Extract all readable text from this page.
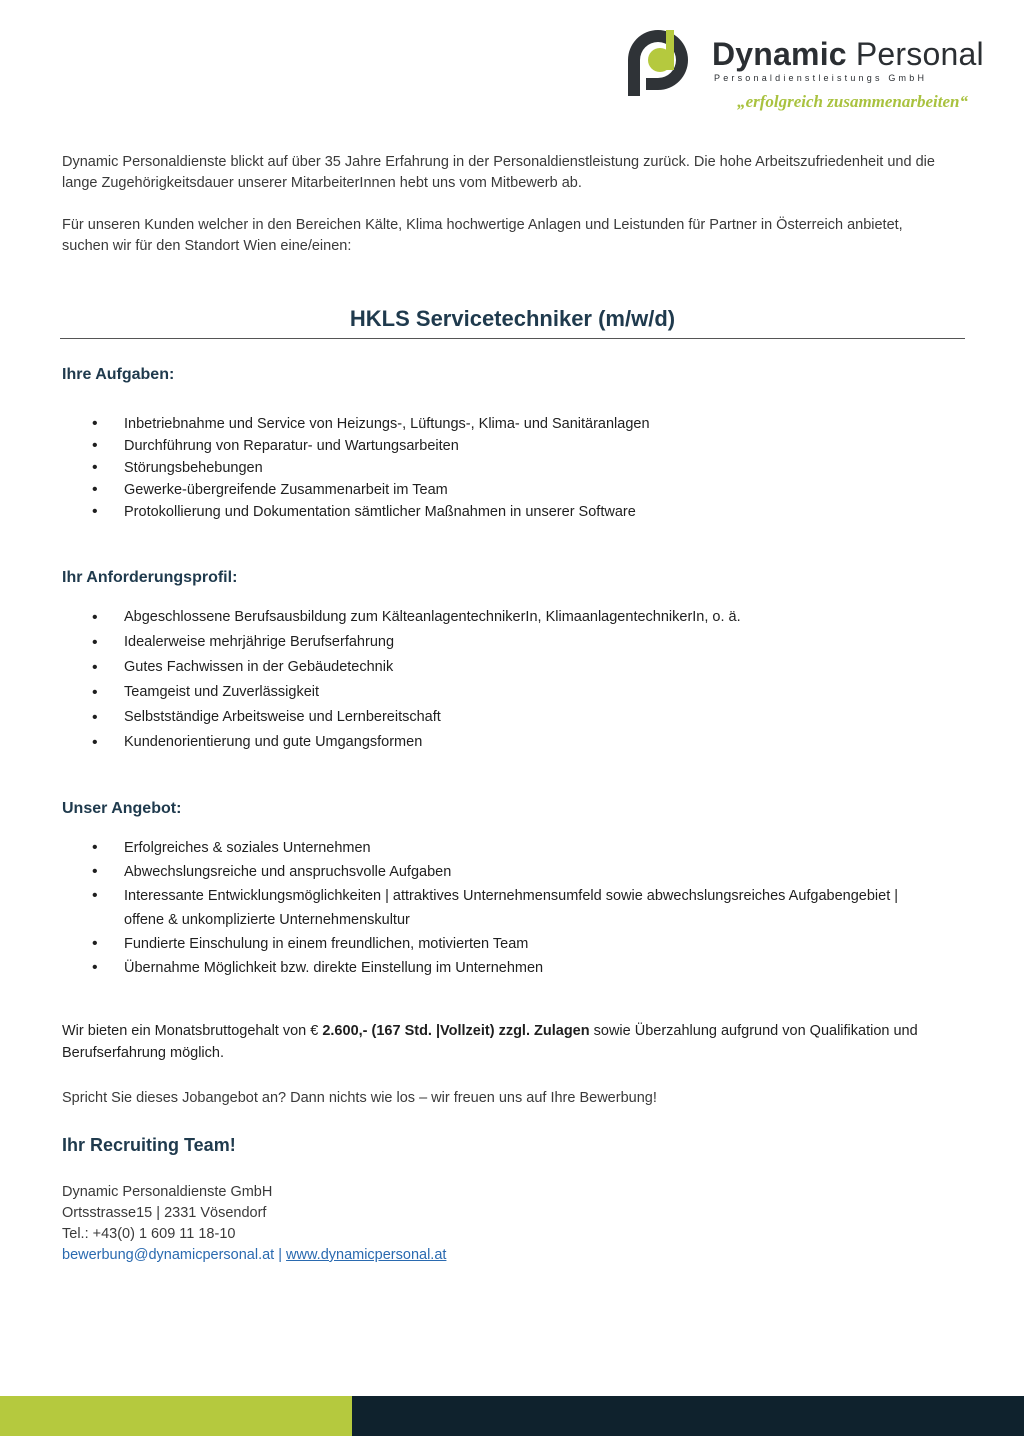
Dynamic Personal
Personaldienstleistungs GmbH
„erfolgreich zusammenarbeiten“
Dynamic Personaldienste blickt auf über 35 Jahre Erfahrung in der Personaldienstleistung zurück. Die hohe Arbeitszufriedenheit und die lange Zugehörigkeitsdauer unserer MitarbeiterInnen hebt uns vom Mitbewerb ab.
Für unseren Kunden welcher in den Bereichen Kälte, Klima hochwertige Anlagen und Leistunden für Partner in Österreich anbietet, suchen wir für den Standort Wien eine/einen:
HKLS Servicetechniker (m/w/d)
Ihre Aufgaben:
• Inbetriebnahme und Service von Heizungs-, Lüftungs-, Klima- und Sanitäranlagen
• Durchführung von Reparatur- und Wartungsarbeiten
• Störungsbehebungen
• Gewerke-übergreifende Zusammenarbeit im Team
• Protokollierung und Dokumentation sämtlicher Maßnahmen in unserer Software
Ihr Anforderungsprofil:
• Abgeschlossene Berufsausbildung zum KälteanlagentechnikerIn, KlimaanlagentechnikerIn, o. ä.
• Idealerweise mehrjährige Berufserfahrung
• Gutes Fachwissen in der Gebäudetechnik
• Teamgeist und Zuverlässigkeit
• Selbstständige Arbeitsweise und Lernbereitschaft
• Kundenorientierung und gute Umgangsformen
Unser Angebot:
• Erfolgreiches & soziales Unternehmen
• Abwechslungsreiche und anspruchsvolle Aufgaben
• Interessante Entwicklungsmöglichkeiten | attraktives Unternehmensumfeld sowie abwechslungsreiches Aufgabengebiet | offene & unkomplizierte Unternehmenskultur
• Fundierte Einschulung in einem freundlichen, motivierten Team
• Übernahme Möglichkeit bzw. direkte Einstellung im Unternehmen
Wir bieten ein Monatsbruttogehalt von € 2.600,- (167 Std. |Vollzeit) zzgl. Zulagen sowie Überzahlung aufgrund von Qualifikation und Berufserfahrung möglich.
Spricht Sie dieses Jobangebot an? Dann nichts wie los – wir freuen uns auf Ihre Bewerbung!
Ihr Recruiting Team!
Dynamic Personaldienste GmbH
Ortsstrasse15 | 2331 Vösendorf
Tel.: +43(0) 1 609 11 18-10
bewerbung@dynamicpersonal.at | www.dynamicpersonal.at
